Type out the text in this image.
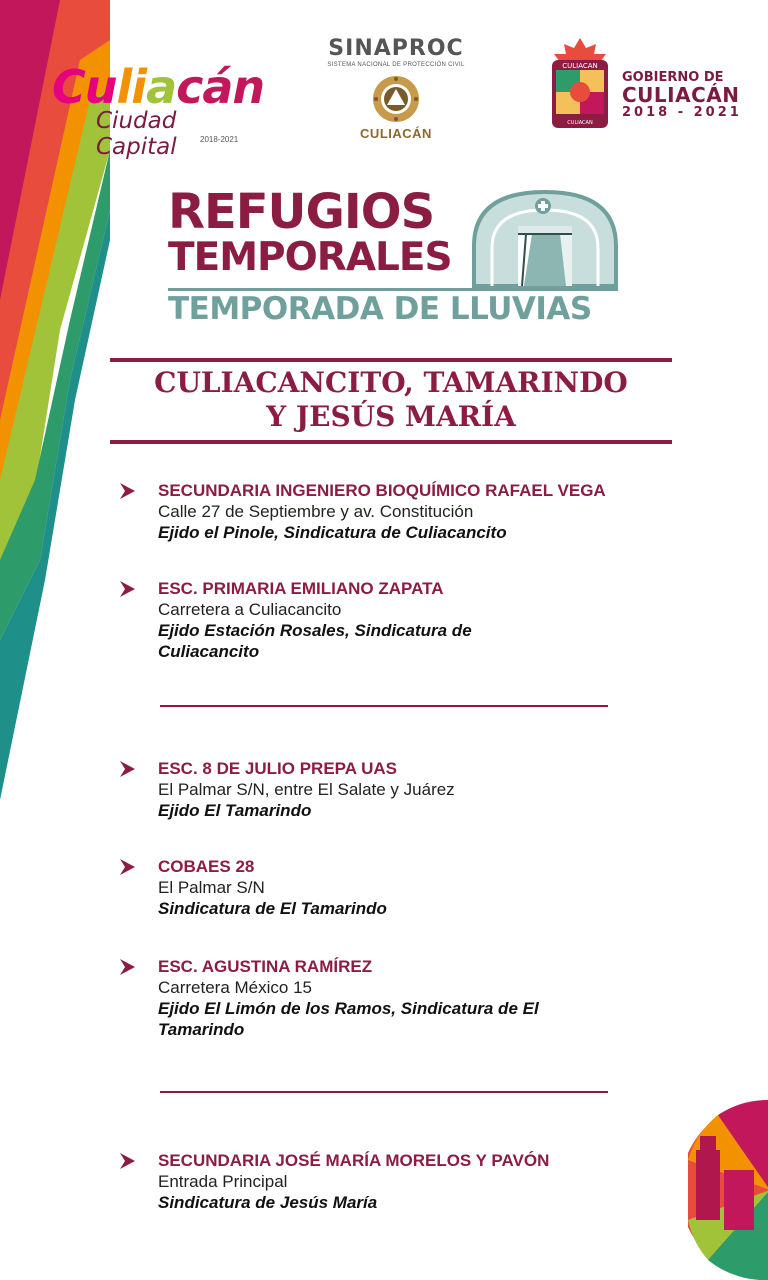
Culiacán
Ciudad Capital	2018-2021
SINAPROC
SISTEMA NACIONAL DE PROTECCIÓN CIVIL
CULIACÁN
CULIACAN
CULIACAN
GOBIERNO DE
CULIACÁN
2018 - 2021
REFUGIOS
TEMPORALES
TEMPORADA DE LLUVIAS
CULIACANCITO, TAMARINDO
Y JESÚS MARÍA
SECUNDARIA INGENIERO BIOQUÍMICO RAFAEL VEGA
Calle 27 de Septiembre y av. Constitución
Ejido el Pinole, Sindicatura de Culiacancito
ESC. PRIMARIA EMILIANO ZAPATA
Carretera a Culiacancito
Ejido Estación Rosales, Sindicatura de Culiacancito
ESC. 8 DE JULIO PREPA UAS
El Palmar S/N, entre El Salate y Juárez
Ejido El Tamarindo
COBAES 28
El Palmar S/N
Sindicatura de El Tamarindo
ESC. AGUSTINA RAMÍREZ
Carretera México 15
Ejido El Limón de los Ramos, Sindicatura de El Tamarindo
SECUNDARIA JOSÉ MARÍA MORELOS Y PAVÓN
Entrada Principal
Sindicatura de Jesús María
